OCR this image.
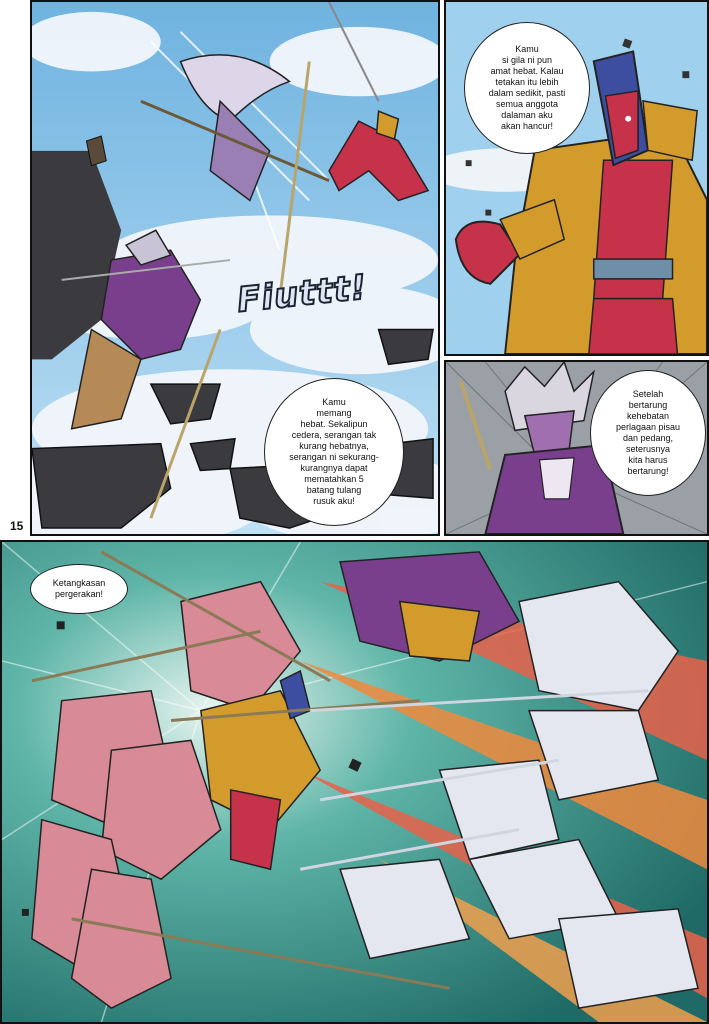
Fiuttt!
Kamu
memang
hebat. Sekalipun
cedera, serangan tak
kurang hebatnya,
serangan ni sekurang-
kurangnya dapat
mematahkan 5
batang tulang
rusuk aku!
15
Kamu
si gila ni pun
amat hebat. Kalau
tetakan itu lebih
dalam sedikit, pasti
semua anggota
dalaman aku
akan hancur!
Setelah
bertarung
kehebatan
perlagaan pisau
dan pedang,
seterusnya
kita harus
bertarung!
Ketangkasan
pergerakan!
